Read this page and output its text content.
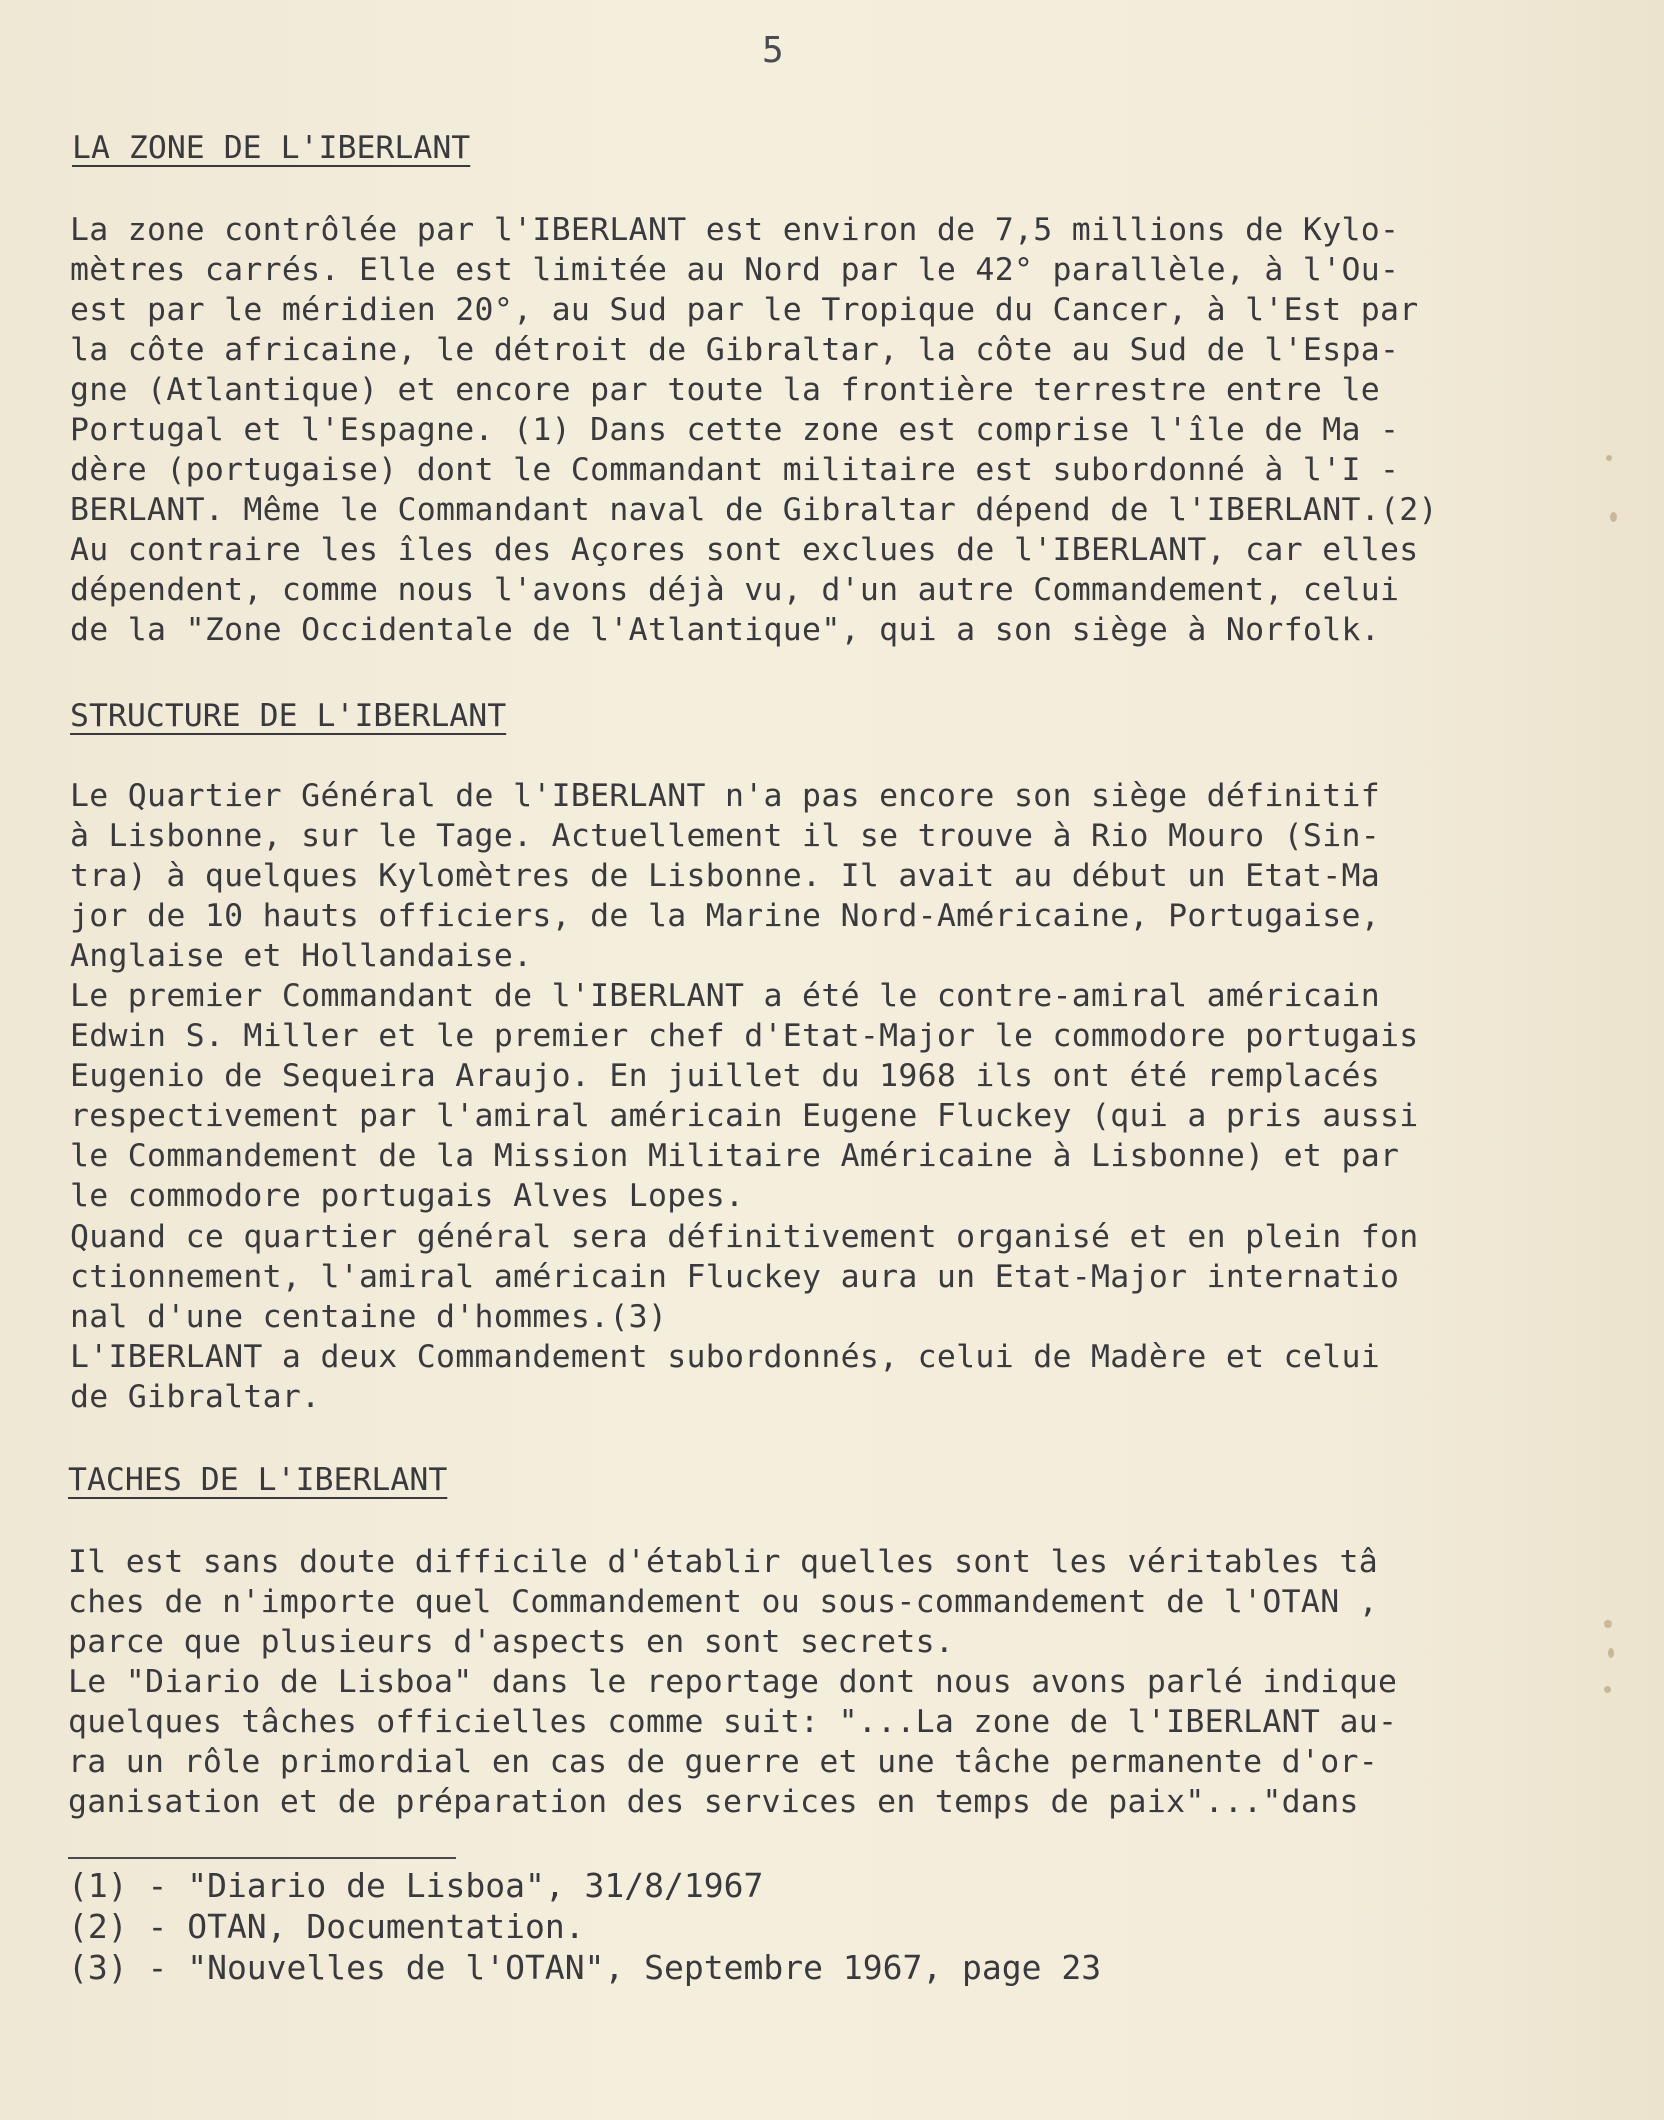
5
LA ZONE DE L'IBERLANT
La zone contrôlée par l'IBERLANT est environ de 7,5 millions de Kylo-
mètres carrés. Elle est limitée au Nord par le 42° parallèle, à l'Ou-
est par le méridien 20°, au Sud par le Tropique du Cancer, à l'Est par
la côte africaine, le détroit de Gibraltar, la côte au Sud de l'Espa-
gne (Atlantique) et encore par toute la frontière terrestre entre le
Portugal et l'Espagne. (1) Dans cette zone est comprise l'île de Ma -
dère (portugaise) dont le Commandant militaire est subordonné à l'I -
BERLANT. Même le Commandant naval de Gibraltar dépend de l'IBERLANT.(2)
Au contraire les îles des Açores sont exclues de l'IBERLANT, car elles
dépendent, comme nous l'avons déjà vu, d'un autre Commandement, celui
de la "Zone Occidentale de l'Atlantique", qui a son siège à Norfolk.
STRUCTURE DE L'IBERLANT
Le Quartier Général de l'IBERLANT n'a pas encore son siège définitif
à Lisbonne, sur le Tage. Actuellement il se trouve à Rio Mouro (Sin-
tra) à quelques Kylomètres de Lisbonne. Il avait au début un Etat-Ma
jor de 10 hauts officiers, de la Marine Nord-Américaine, Portugaise,
Anglaise et Hollandaise.
Le premier Commandant de l'IBERLANT a été le contre-amiral américain
Edwin S. Miller et le premier chef d'Etat-Major le commodore portugais
Eugenio de Sequeira Araujo. En juillet du 1968 ils ont été remplacés
respectivement par l'amiral américain Eugene Fluckey (qui a pris aussi
le Commandement de la Mission Militaire Américaine à Lisbonne) et par
le commodore portugais Alves Lopes.
Quand ce quartier général sera définitivement organisé et en plein fon
ctionnement, l'amiral américain Fluckey aura un Etat-Major internatio
nal d'une centaine d'hommes.(3)
L'IBERLANT a deux Commandement subordonnés, celui de Madère et celui
de Gibraltar.
TACHES DE L'IBERLANT
Il est sans doute difficile d'établir quelles sont les véritables tâ
ches de n'importe quel Commandement ou sous-commandement de l'OTAN ,
parce que plusieurs d'aspects en sont secrets.
Le "Diario de Lisboa" dans le reportage dont nous avons parlé indique
quelques tâches officielles comme suit: "...La zone de l'IBERLANT au-
ra un rôle primordial en cas de guerre et une tâche permanente d'or-
ganisation et de préparation des services en temps de paix"..."dans
(1) - "Diario de Lisboa", 31/8/1967
(2) - OTAN, Documentation.
(3) - "Nouvelles de l'OTAN", Septembre 1967, page 23
